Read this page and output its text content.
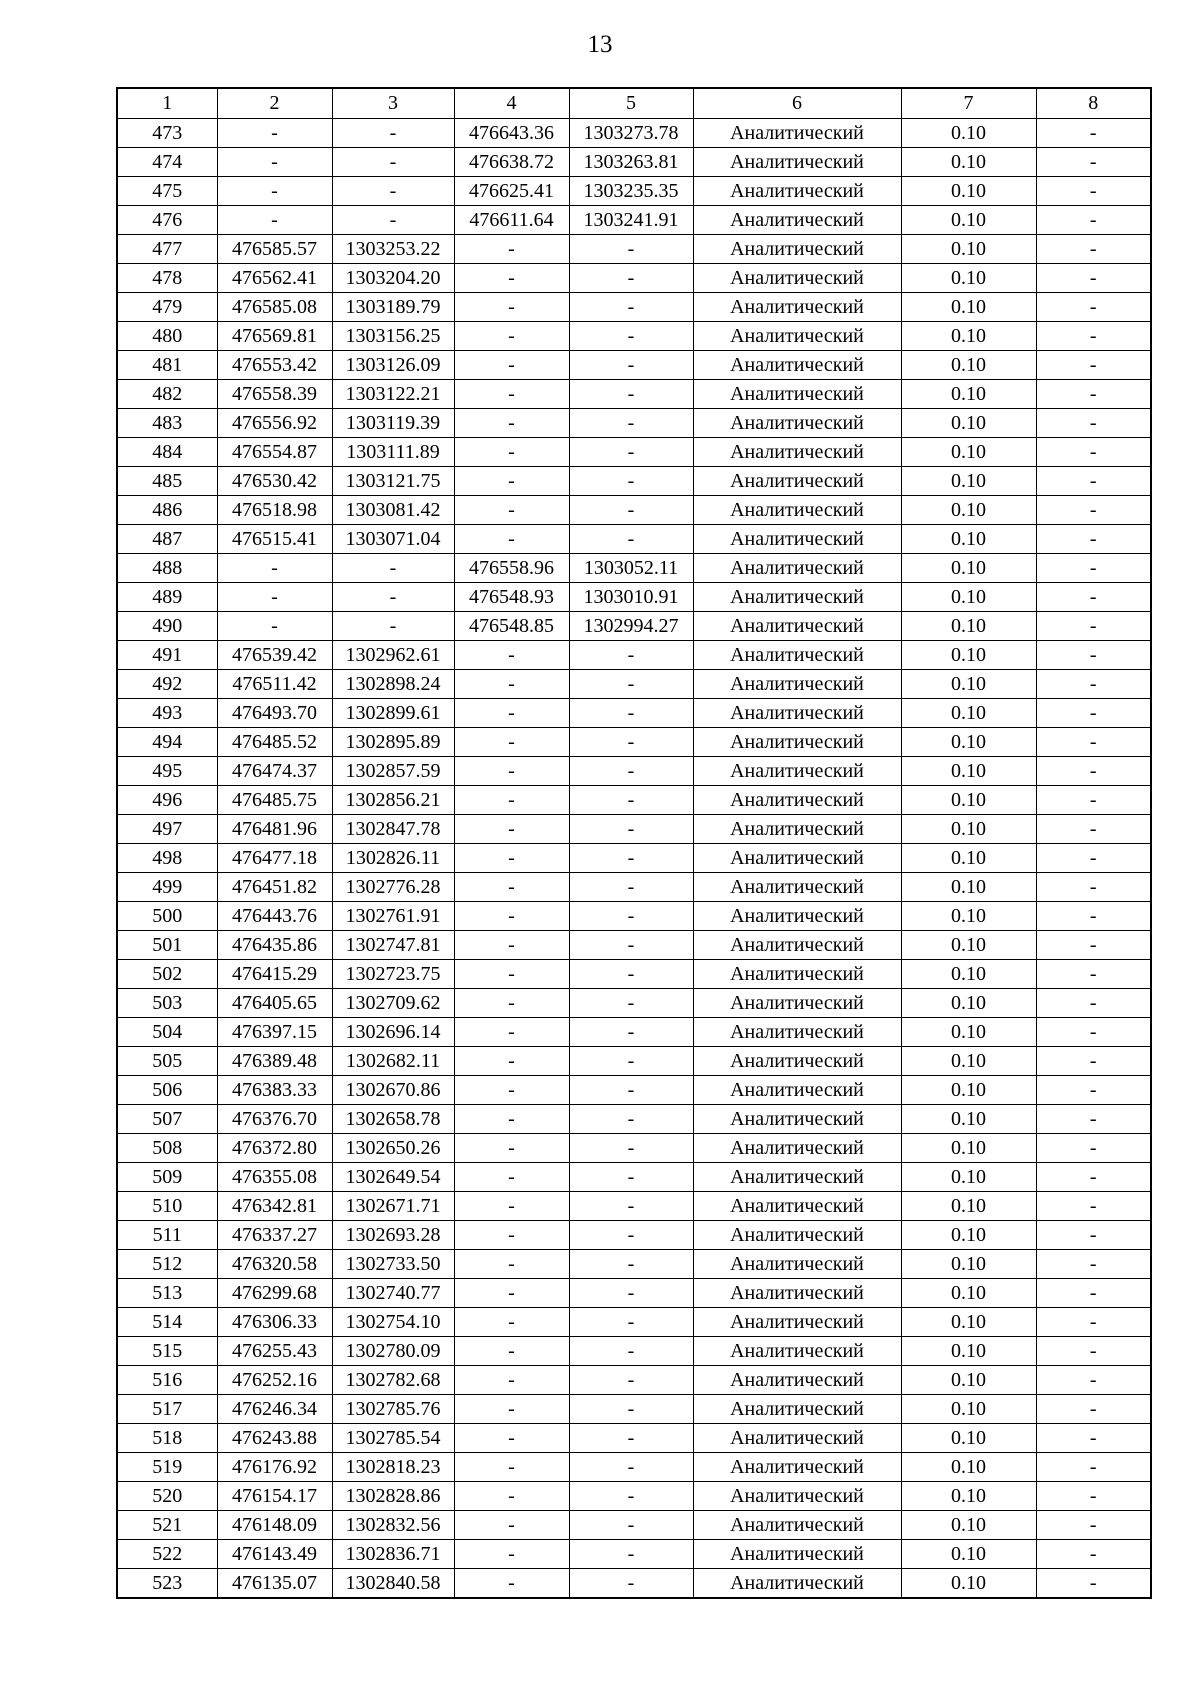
13
1	2	3	4	5	6	7	8
473	-	-	476643.36	1303273.78	Аналитический	0.10	-
474	-	-	476638.72	1303263.81	Аналитический	0.10	-
475	-	-	476625.41	1303235.35	Аналитический	0.10	-
476	-	-	476611.64	1303241.91	Аналитический	0.10	-
477	476585.57	1303253.22	-	-	Аналитический	0.10	-
478	476562.41	1303204.20	-	-	Аналитический	0.10	-
479	476585.08	1303189.79	-	-	Аналитический	0.10	-
480	476569.81	1303156.25	-	-	Аналитический	0.10	-
481	476553.42	1303126.09	-	-	Аналитический	0.10	-
482	476558.39	1303122.21	-	-	Аналитический	0.10	-
483	476556.92	1303119.39	-	-	Аналитический	0.10	-
484	476554.87	1303111.89	-	-	Аналитический	0.10	-
485	476530.42	1303121.75	-	-	Аналитический	0.10	-
486	476518.98	1303081.42	-	-	Аналитический	0.10	-
487	476515.41	1303071.04	-	-	Аналитический	0.10	-
488	-	-	476558.96	1303052.11	Аналитический	0.10	-
489	-	-	476548.93	1303010.91	Аналитический	0.10	-
490	-	-	476548.85	1302994.27	Аналитический	0.10	-
491	476539.42	1302962.61	-	-	Аналитический	0.10	-
492	476511.42	1302898.24	-	-	Аналитический	0.10	-
493	476493.70	1302899.61	-	-	Аналитический	0.10	-
494	476485.52	1302895.89	-	-	Аналитический	0.10	-
495	476474.37	1302857.59	-	-	Аналитический	0.10	-
496	476485.75	1302856.21	-	-	Аналитический	0.10	-
497	476481.96	1302847.78	-	-	Аналитический	0.10	-
498	476477.18	1302826.11	-	-	Аналитический	0.10	-
499	476451.82	1302776.28	-	-	Аналитический	0.10	-
500	476443.76	1302761.91	-	-	Аналитический	0.10	-
501	476435.86	1302747.81	-	-	Аналитический	0.10	-
502	476415.29	1302723.75	-	-	Аналитический	0.10	-
503	476405.65	1302709.62	-	-	Аналитический	0.10	-
504	476397.15	1302696.14	-	-	Аналитический	0.10	-
505	476389.48	1302682.11	-	-	Аналитический	0.10	-
506	476383.33	1302670.86	-	-	Аналитический	0.10	-
507	476376.70	1302658.78	-	-	Аналитический	0.10	-
508	476372.80	1302650.26	-	-	Аналитический	0.10	-
509	476355.08	1302649.54	-	-	Аналитический	0.10	-
510	476342.81	1302671.71	-	-	Аналитический	0.10	-
511	476337.27	1302693.28	-	-	Аналитический	0.10	-
512	476320.58	1302733.50	-	-	Аналитический	0.10	-
513	476299.68	1302740.77	-	-	Аналитический	0.10	-
514	476306.33	1302754.10	-	-	Аналитический	0.10	-
515	476255.43	1302780.09	-	-	Аналитический	0.10	-
516	476252.16	1302782.68	-	-	Аналитический	0.10	-
517	476246.34	1302785.76	-	-	Аналитический	0.10	-
518	476243.88	1302785.54	-	-	Аналитический	0.10	-
519	476176.92	1302818.23	-	-	Аналитический	0.10	-
520	476154.17	1302828.86	-	-	Аналитический	0.10	-
521	476148.09	1302832.56	-	-	Аналитический	0.10	-
522	476143.49	1302836.71	-	-	Аналитический	0.10	-
523	476135.07	1302840.58	-	-	Аналитический	0.10	-
